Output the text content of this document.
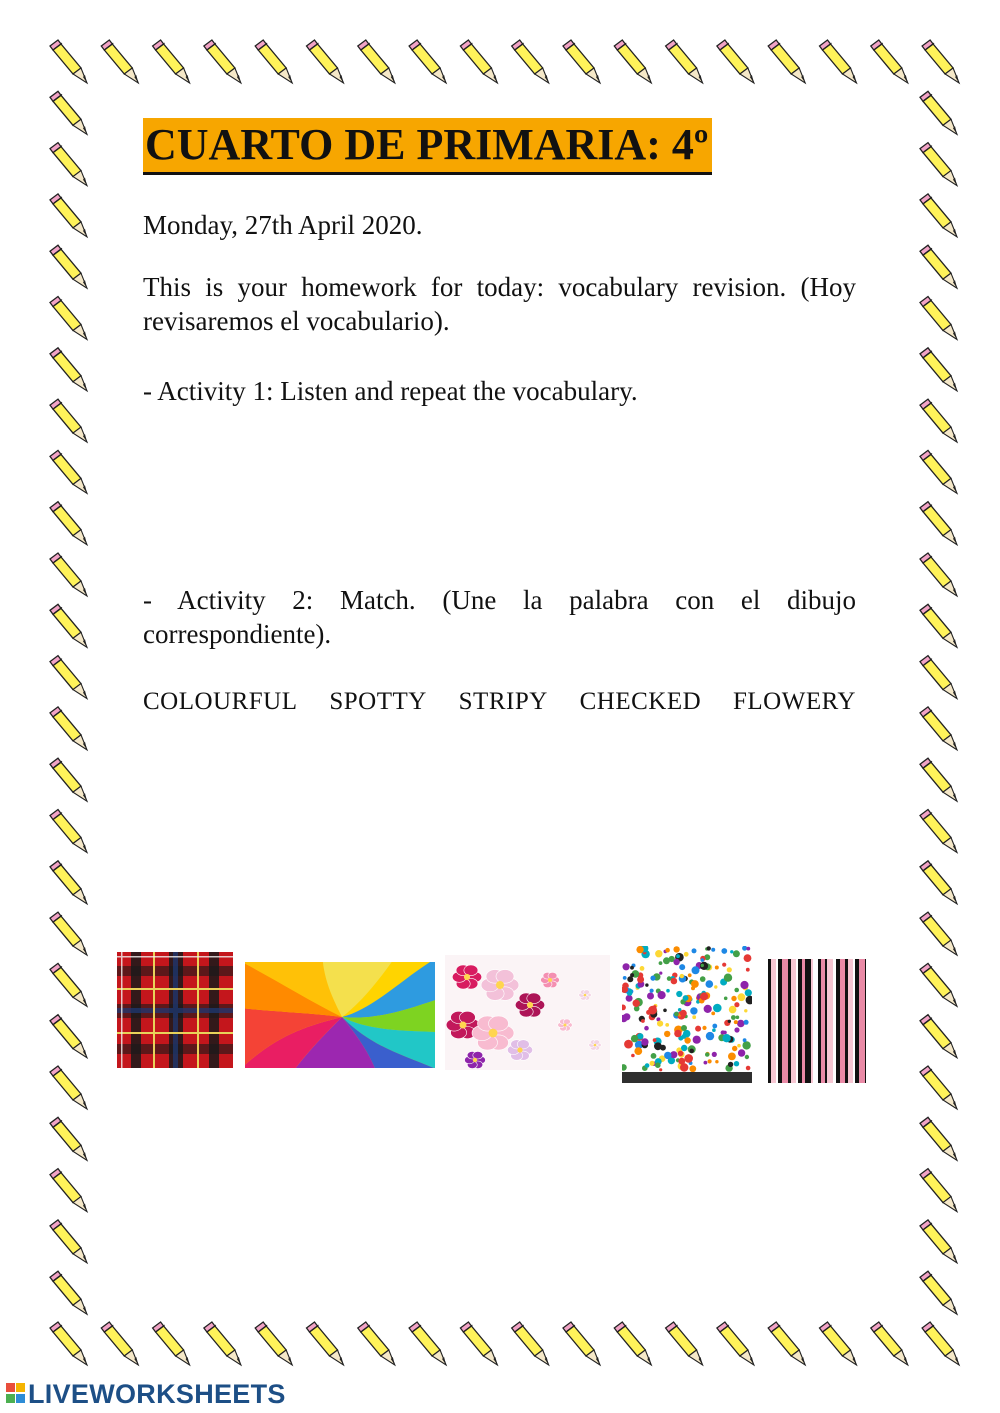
CUARTO DE PRIMARIA: 4º

Monday, 27th April 2020.

This is your homework for today: vocabulary revision. (Hoy revisaremos el vocabulario).

- Activity 1: Listen and repeat the vocabulary.

- Activity 2: Match. (Une la palabra con el dibujo correspondiente).

COLOURFUL SPOTTY STRIPY CHECKED FLOWERY
LIVEWORKSHEETS
